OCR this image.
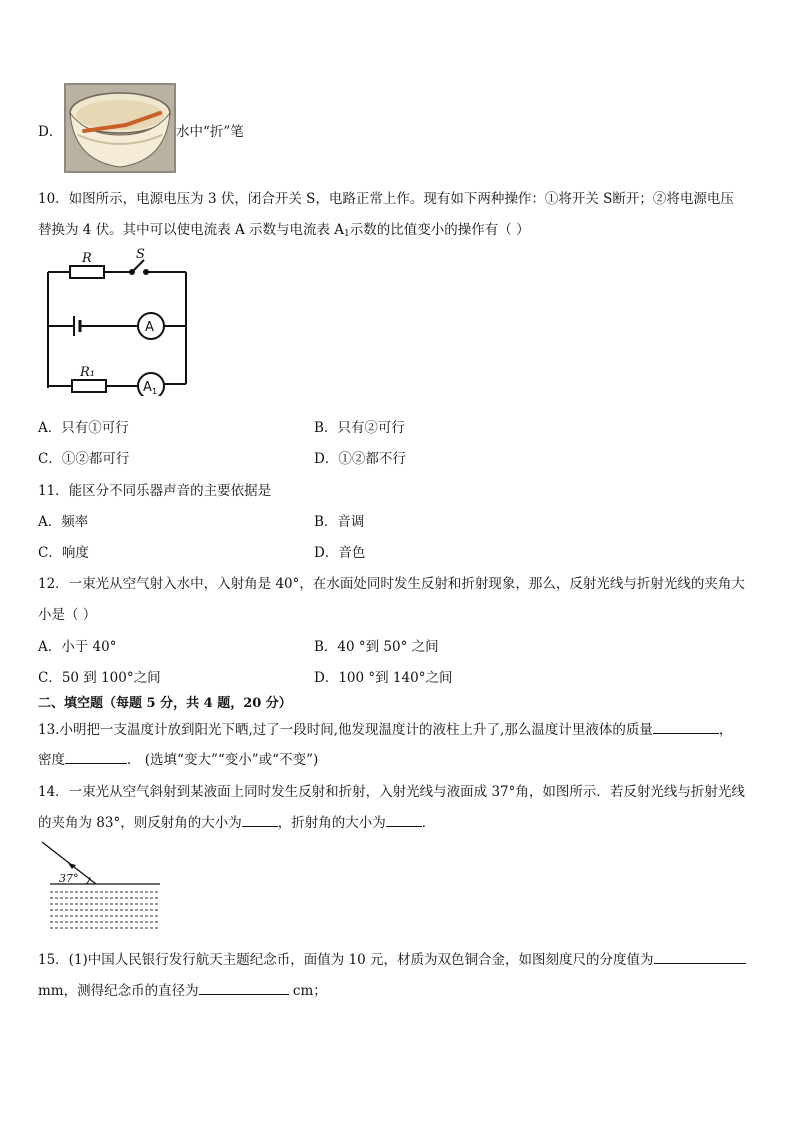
D．	水中“折”笔
10．如图所示，电源电压为 3 伏，闭合开关 S，电路正常上作。现有如下两种操作：①将开关 S断开；②将电源电压
替换为 4 伏。其中可以使电流表 A 示数与电流表 $A_1$示数的比值变小的操作有（ ）
R	S
R₁
A
A 1
A．只有①可行	B．只有②可行
C．①②都可行	D．①②都不行
11．能区分不同乐器声音的主要依据是
A．频率	B．音调
C．响度	D．音色
12．一束光从空气射入水中，入射角是 40°，在水面处同时发生反射和折射现象，那么，反射光线与折射光线的夹角大
小是（ ）
A．小于 40°	B．40 °到 50° 之间
C．50 到 100°之间	D．100 °到 140°之间
二、填空题（每题 5 分，共 4 题，20 分）
13.小明把一支温度计放到阳光下晒,过了一段时间,他发现温度计的液柱上升了,那么温度计里液体的质量	，
密度	． (选填“变大”“变小”或“不变”)
14．一束光从空气斜射到某液面上同时发生反射和折射，入射光线与液面成 37°角，如图所示．若反射光线与折射光线
的夹角为 83°，则反射角的大小为	，折射角的大小为	．
37°
15．(1)中国人民银行发行航天主题纪念币，面值为 10 元，材质为双色铜合金，如图刻度尺的分度值为
mm，测得纪念币的直径为	cm；
